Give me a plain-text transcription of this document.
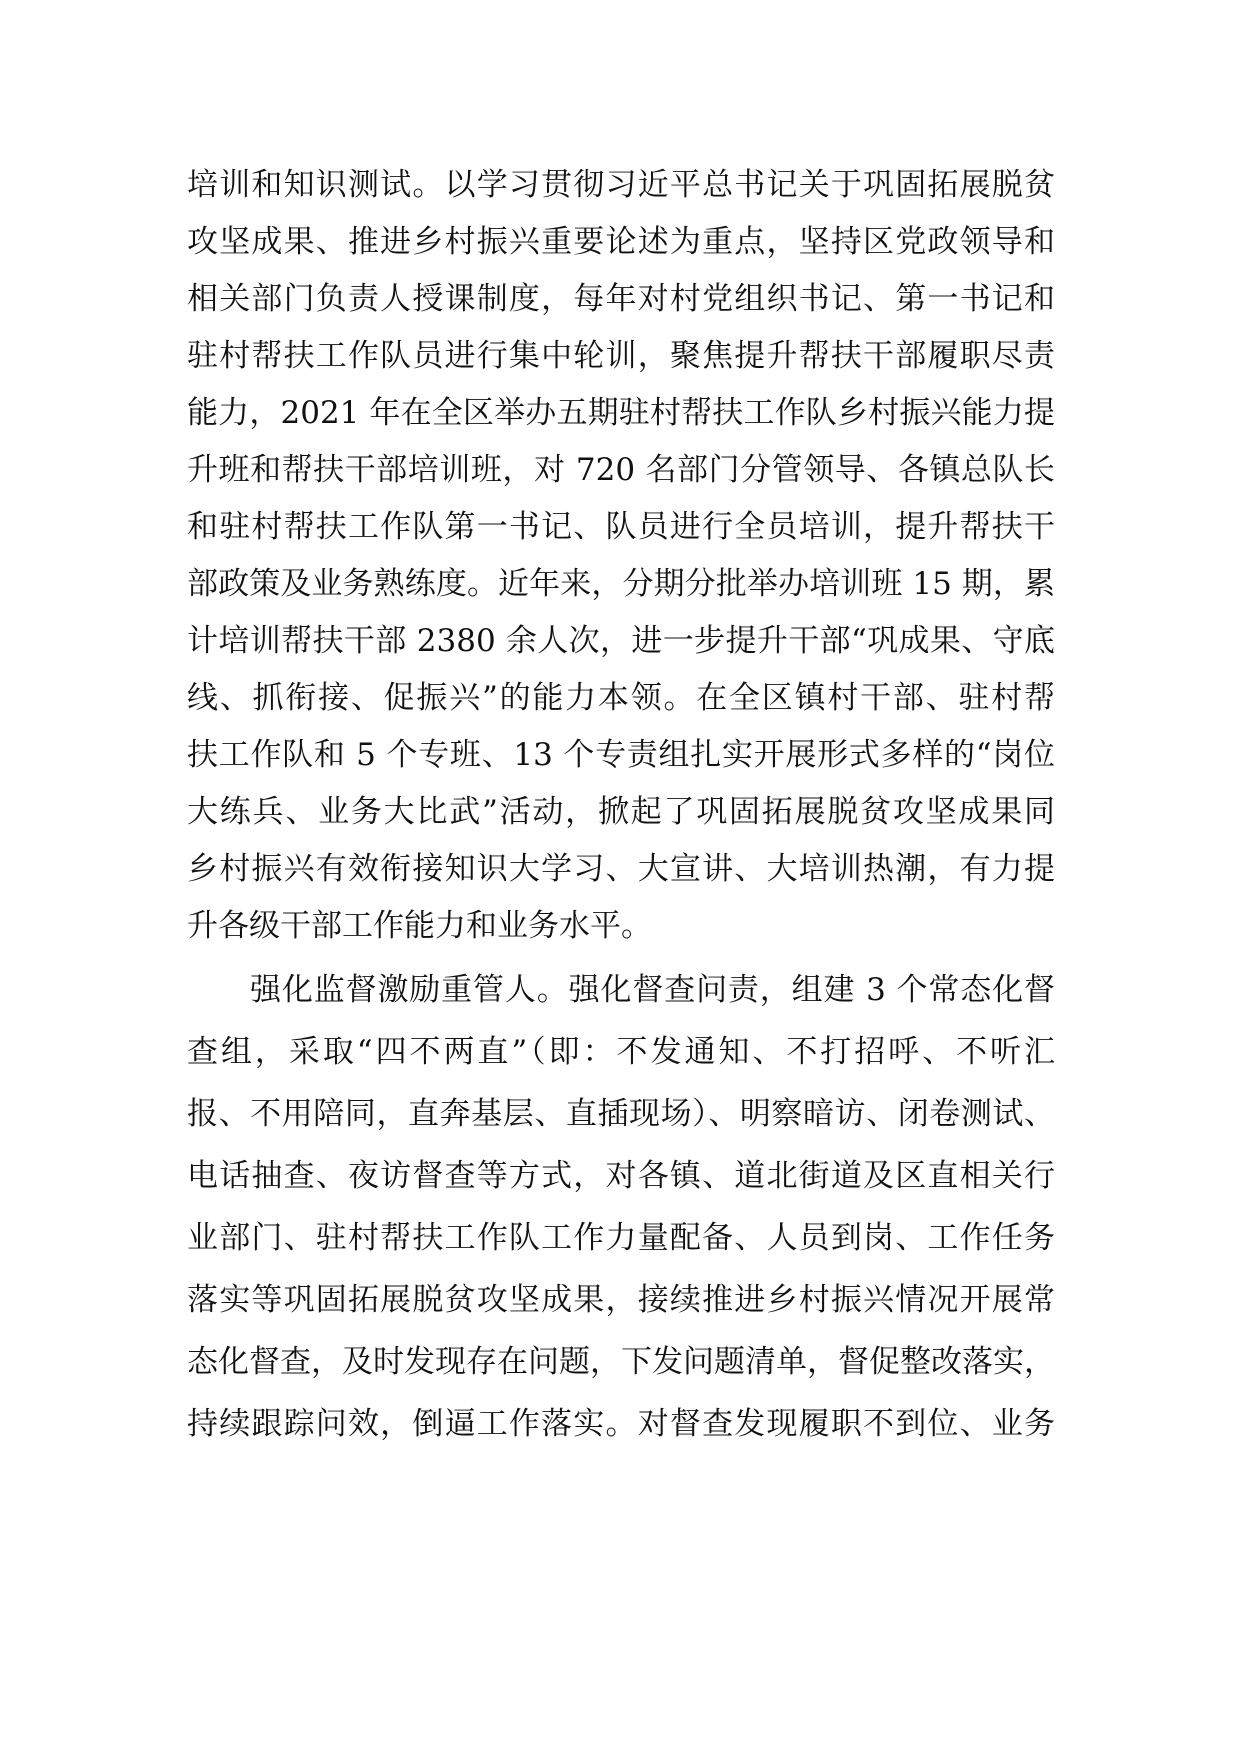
培训和知识测试。以学习贯彻习近平总书记关于巩固拓展脱贫
攻坚成果、推进乡村振兴重要论述为重点，坚持区党政领导和
相关部门负责人授课制度，每年对村党组织书记、第一书记和
驻村帮扶工作队员进行集中轮训，聚焦提升帮扶干部履职尽责
能力，2021 年在全区举办五期驻村帮扶工作队乡村振兴能力提
升班和帮扶干部培训班，对 720 名部门分管领导、各镇总队长
和驻村帮扶工作队第一书记、队员进行全员培训，提升帮扶干
部政策及业务熟练度。近年来，分期分批举办培训班 15 期，累
计培训帮扶干部 2380 余人次，进一步提升干部“巩成果、守底
线、抓衔接、促振兴”的能力本领。在全区镇村干部、驻村帮
扶工作队和 5 个专班、13 个专责组扎实开展形式多样的“岗位
大练兵、业务大比武”活动，掀起了巩固拓展脱贫攻坚成果同
乡村振兴有效衔接知识大学习、大宣讲、大培训热潮，有力提
升各级干部工作能力和业务水平。
强化监督激励重管人。强化督查问责，组建 3 个常态化督
查组，采取“四不两直”（即：不发通知、不打招呼、不听汇
报、不用陪同，直奔基层、直插现场）、明察暗访、闭卷测试、
电话抽查、夜访督查等方式，对各镇、道北街道及区直相关行
业部门、驻村帮扶工作队工作力量配备、人员到岗、工作任务
落实等巩固拓展脱贫攻坚成果，接续推进乡村振兴情况开展常
态化督查，及时发现存在问题，下发问题清单，督促整改落实，
持续跟踪问效，倒逼工作落实。对督查发现履职不到位、业务
